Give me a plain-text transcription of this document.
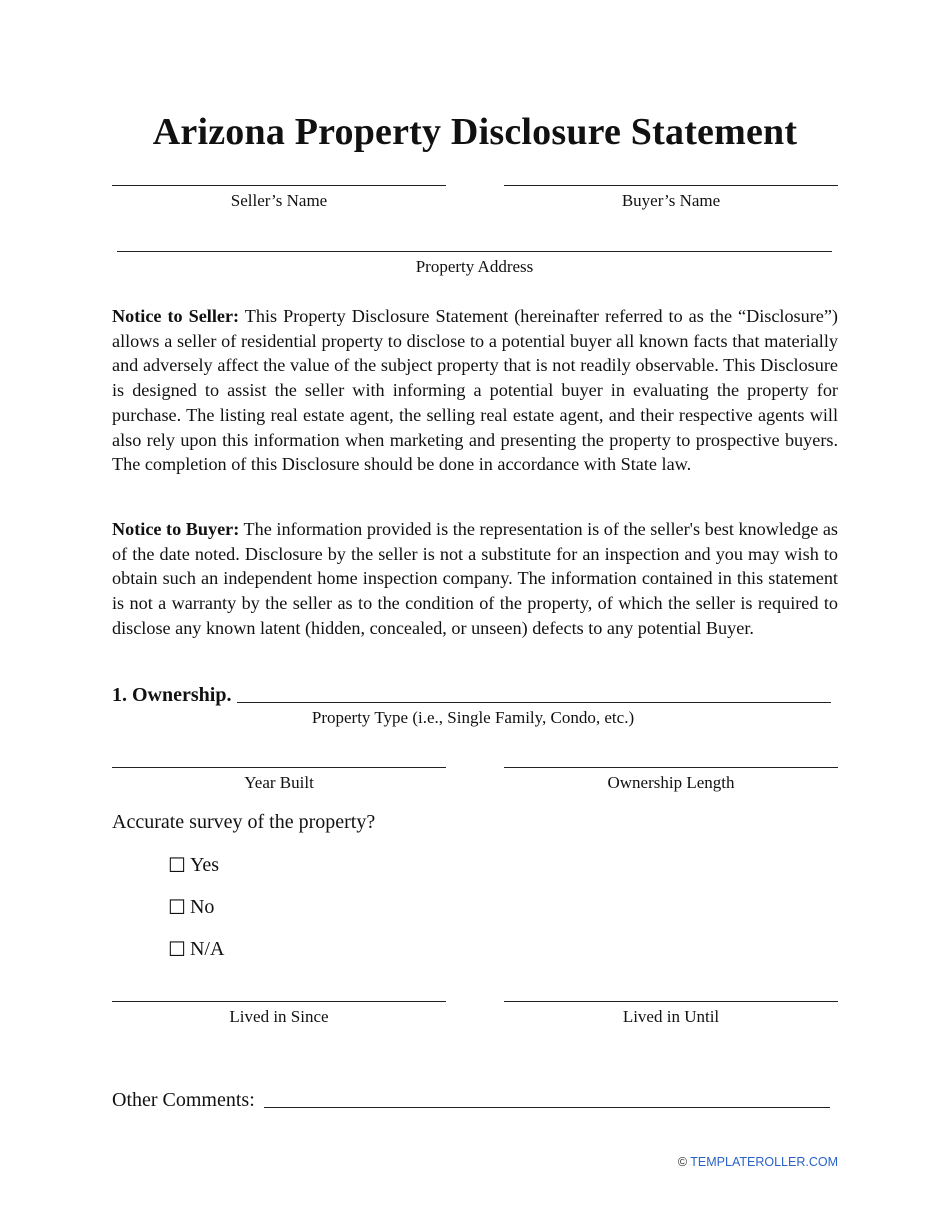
Arizona Property Disclosure Statement
Seller’s Name	Buyer’s Name
Property Address

Notice to Seller: This Property Disclosure Statement (hereinafter referred to as the “Disclosure”) allows a seller of residential property to disclose to a potential buyer all known facts that materially and adversely affect the value of the subject property that is not readily observable. This Disclosure is designed to assist the seller with informing a potential buyer in evaluating the property for purchase. The listing real estate agent, the selling real estate agent, and their respective agents will also rely upon this information when marketing and presenting the property to prospective buyers. The completion of this Disclosure should be done in accordance with State law.

Notice to Buyer: The information provided is the representation is of the seller's best knowledge as of the date noted. Disclosure by the seller is not a substitute for an inspection and you may wish to obtain such an independent home inspection company. The information contained in this statement is not a warranty by the seller as to the condition of the property, of which the seller is required to disclose any known latent (hidden, concealed, or unseen) defects to any potential Buyer.

1. Ownership.
Property Type (i.e., Single Family, Condo, etc.)
Year Built	Ownership Length
Accurate survey of the property?
☐ Yes
☐ No
☐ N/A
Lived in Since	Lived in Until
Other Comments:
© TEMPLATEROLLER.COM
